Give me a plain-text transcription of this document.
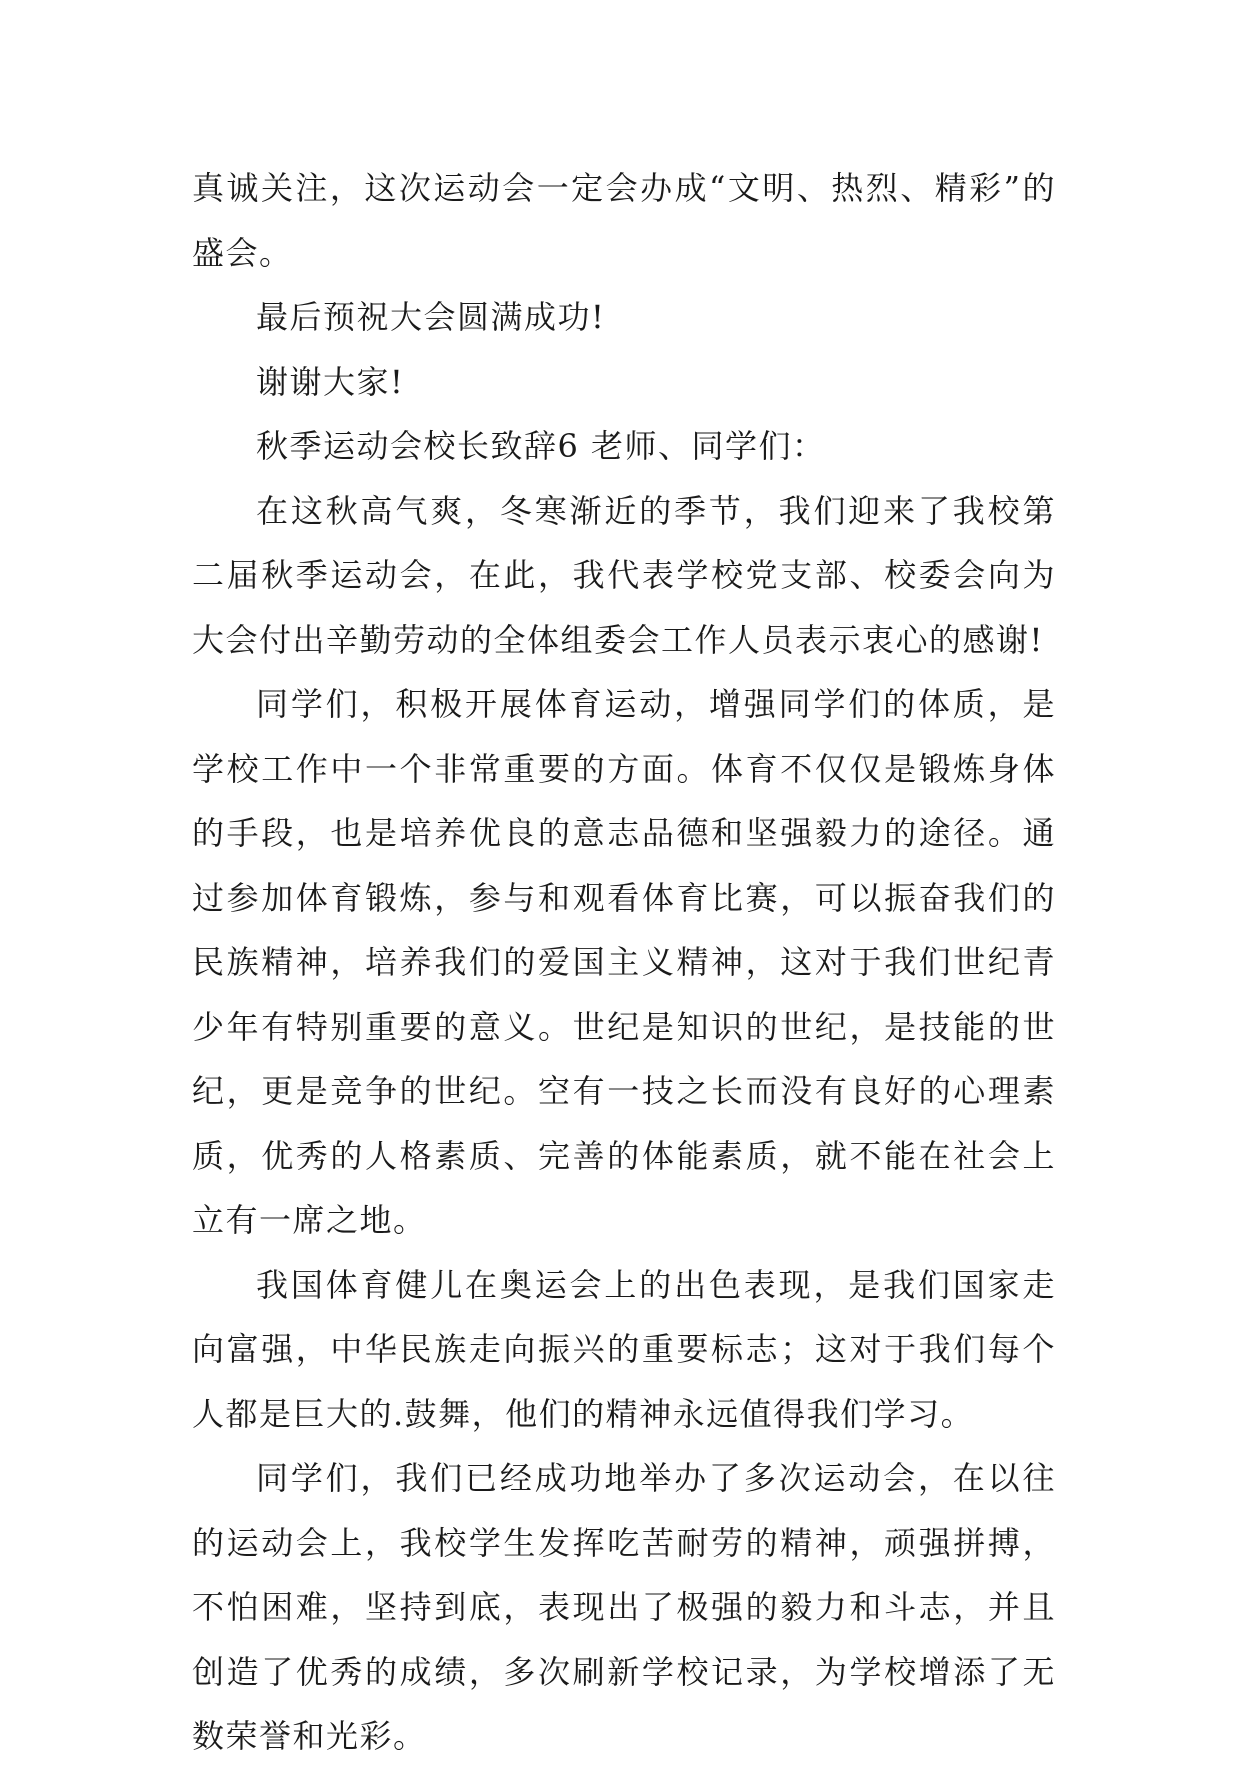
真诚关注，这次运动会一定会办成“文明、热烈、精彩”的盛会。

最后预祝大会圆满成功!

谢谢大家!

秋季运动会校长致辞6 老师、同学们：

在这秋高气爽，冬寒渐近的季节，我们迎来了我校第二届秋季运动会，在此，我代表学校党支部、校委会向为大会付出辛勤劳动的全体组委会工作人员表示衷心的感谢!

同学们，积极开展体育运动，增强同学们的体质，是学校工作中一个非常重要的方面。体育不仅仅是锻炼身体的手段，也是培养优良的意志品德和坚强毅力的途径。通过参加体育锻炼，参与和观看体育比赛，可以振奋我们的民族精神，培养我们的爱国主义精神，这对于我们世纪青少年有特别重要的意义。世纪是知识的世纪，是技能的世纪，更是竞争的世纪。空有一技之长而没有良好的心理素质，优秀的人格素质、完善的体能素质，就不能在社会上立有一席之地。

我国体育健儿在奥运会上的出色表现，是我们国家走向富强，中华民族走向振兴的重要标志；这对于我们每个人都是巨大的.鼓舞，他们的精神永远值得我们学习。

同学们，我们已经成功地举办了多次运动会，在以往的运动会上，我校学生发挥吃苦耐劳的精神，顽强拼搏，不怕困难，坚持到底，表现出了极强的毅力和斗志，并且创造了优秀的成绩，多次刷新学校记录，为学校增添了无数荣誉和光彩。
